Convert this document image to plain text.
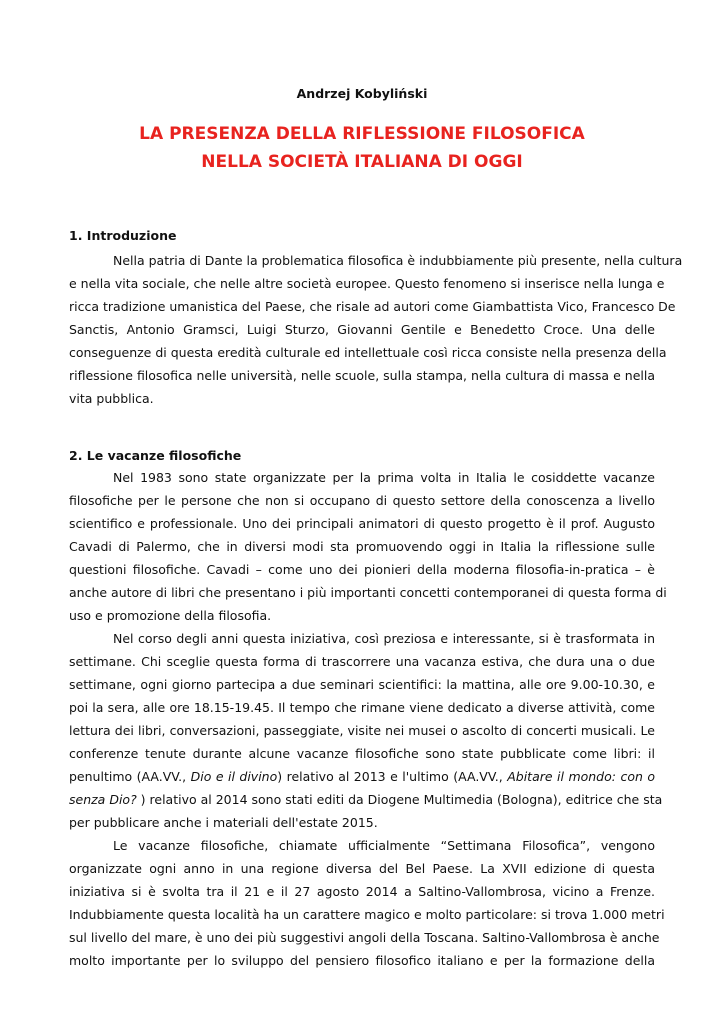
Andrzej Kobyliński
LA PRESENZA DELLA RIFLESSIONE FILOSOFICA
NELLA SOCIETÀ ITALIANA DI OGGI
1. Introduzione
Nella patria di Dante la problematica filosofica è indubbiamente più presente, nella cultura
e nella vita sociale, che nelle altre società europee. Questo fenomeno si inserisce nella lunga e
ricca tradizione umanistica del Paese, che risale ad autori come Giambattista Vico, Francesco De
Sanctis, Antonio Gramsci, Luigi Sturzo, Giovanni Gentile e Benedetto Croce. Una delle
conseguenze di questa eredità culturale ed intellettuale così ricca consiste nella presenza della
riflessione filosofica nelle università, nelle scuole, sulla stampa, nella cultura di massa e nella
vita pubblica.
2. Le vacanze filosofiche
Nel 1983 sono state organizzate per la prima volta in Italia le cosiddette vacanze
filosofiche per le persone che non si occupano di questo settore della conoscenza a livello
scientifico e professionale. Uno dei principali animatori di questo progetto è il prof. Augusto
Cavadi di Palermo, che in diversi modi sta promuovendo oggi in Italia la riflessione sulle
questioni filosofiche. Cavadi – come uno dei pionieri della moderna filosofia-in-pratica – è
anche autore di libri che presentano i più importanti concetti contemporanei di questa forma di
uso e promozione della filosofia.
Nel corso degli anni questa iniziativa, così preziosa e interessante, si è trasformata in
settimane. Chi sceglie questa forma di trascorrere una vacanza estiva, che dura una o due
settimane, ogni giorno partecipa a due seminari scientifici: la mattina, alle ore 9.00-10.30, e
poi la sera, alle ore 18.15-19.45. Il tempo che rimane viene dedicato a diverse attività, come
lettura dei libri, conversazioni, passeggiate, visite nei musei o ascolto di concerti musicali. Le
conferenze tenute durante alcune vacanze filosofiche sono state pubblicate come libri: il
penultimo (AA.VV., Dio e il divino) relativo al 2013 e l'ultimo (AA.VV., Abitare il mondo: con o
senza Dio? ) relativo al 2014 sono stati editi da Diogene Multimedia (Bologna), editrice che sta
per pubblicare anche i materiali dell'estate 2015.
Le vacanze filosofiche, chiamate ufficialmente “Settimana Filosofica”, vengono
organizzate ogni anno in una regione diversa del Bel Paese. La XVII edizione di questa
iniziativa si è svolta tra il 21 e il 27 agosto 2014 a Saltino-Vallombrosa, vicino a Frenze.
Indubbiamente questa località ha un carattere magico e molto particolare: si trova 1.000 metri
sul livello del mare, è uno dei più suggestivi angoli della Toscana. Saltino-Vallombrosa è anche
molto importante per lo sviluppo del pensiero filosofico italiano e per la formazione della
